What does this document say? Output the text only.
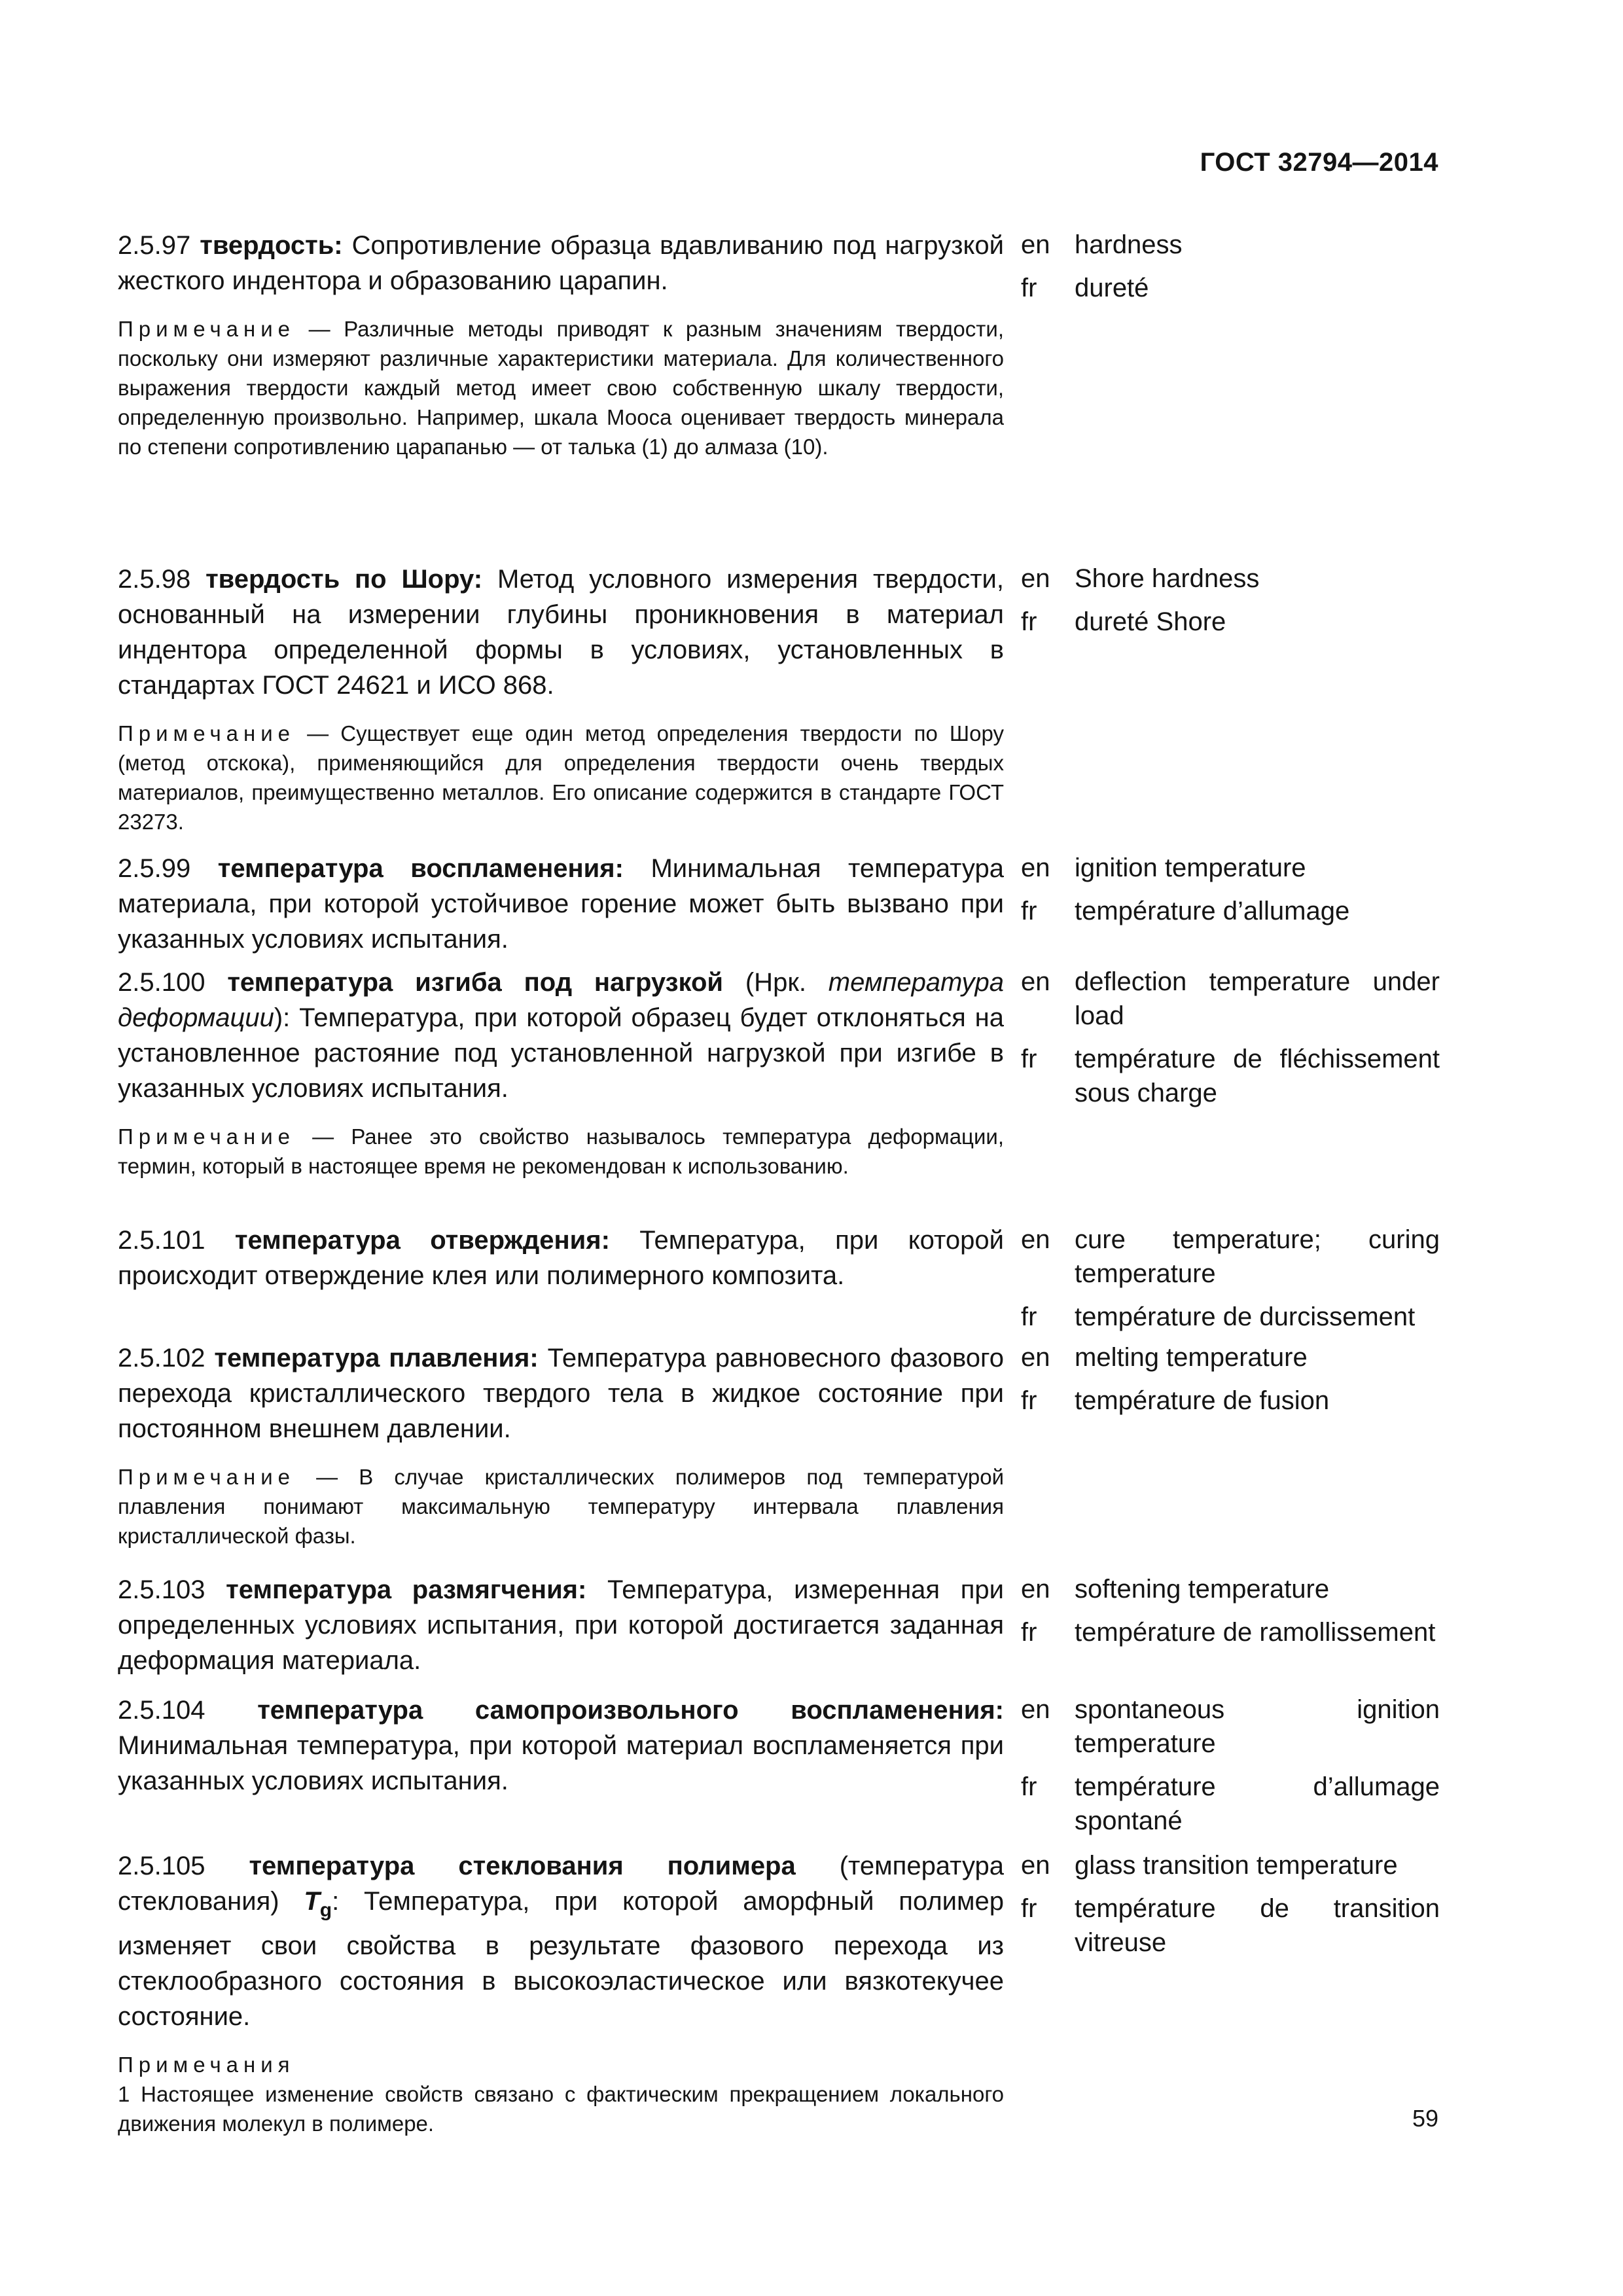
ГОСТ 32794—2014

2.5.97 твердость: Сопротивление образца вдавливанию под нагрузкой жесткого индентора и образованию царапин.

Примечание — Различные методы приводят к разным значениям твердости, поскольку они измеряют различные характеристики материала. Для количественного выражения твердости каждый метод имеет свою собственную шкалу твердости, определенную произвольно. Например, шкала Мооса оценивает твердость минерала по степени сопротивлению царапанью — от талька (1) до алмаза (10).

en hardness
fr	dureté

2.5.98 твердость по Шору: Метод условного измерения твердости, основанный на измерении глубины проникновения в материал индентора определенной формы в условиях, установленных в стандартах ГОСТ 24621 и ИСО 868.

Примечание — Существует еще один метод определения твердости по Шору (метод отскока), применяющийся для определения твердости очень твердых материалов, преимущественно металлов. Его описание содержится в стандарте ГОСТ 23273.

en Shore hardness
fr	dureté Shore

2.5.99 температура воспламенения: Минимальная температура материала, при которой устойчивое горение может быть вызвано при указанных условиях испытания.

en ignition temperature
fr	température d’allumage

2.5.100 температура изгиба под нагрузкой (Нрк. температура деформации): Температура, при которой образец будет отклоняться на установленное растояние под установленной нагрузкой при изгибе в указанных условиях испытания.

Примечание — Ранее это свойство называлось температура деформации, термин, который в настоящее время не рекомендован к использованию.

en deflection temperature under load
fr	température de fléchissement sous charge

2.5.101 температура отверждения: Температура, при которой происходит отверждение клея или полимерного композита.

en cure temperature; curing temperature
fr	température de durcissement

2.5.102 температура плавления: Температура равновесного фазового перехода кристаллического твердого тела в жидкое состояние при постоянном внешнем давлении.

Примечание — В случае кристаллических полимеров под температурой плавления понимают максимальную температуру интервала плавления кристаллической фазы.

en melting temperature
fr	température de fusion

2.5.103 температура размягчения: Температура, измеренная при определенных условиях испытания, при которой достигается заданная деформация материала.

en softening temperature
fr	température de ramollissement

2.5.104 температура самопроизвольного воспламенения: Минимальная температура, при которой материал воспламеняется при указанных условиях испытания.

en spontaneous ignition temperature
fr	température d’allumage spontané

2.5.105 температура стеклования полимера (температура стеклования) $T_g$: Температура, при которой аморфный полимер изменяет свои свойства в результате фазового перехода из стеклообразного состояния в высокоэластическое или вязкотекучее состояние.

Примечания

1 Настоящее изменение свойств связано с фактическим прекращением локального движения молекул в полимере.

en glass transition temperature
fr	température de transition vitreuse
59
